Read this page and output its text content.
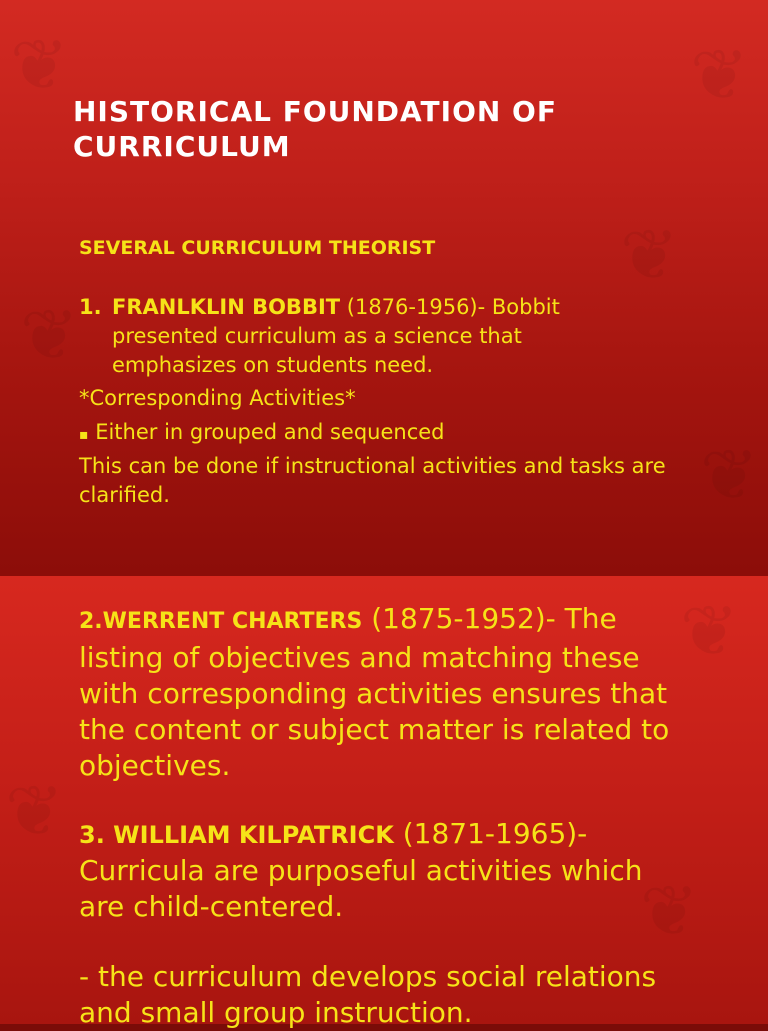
❦	❦
❦
❦
❦
HISTORICAL FOUNDATION OF CURRICULUM
SEVERAL CURRICULUM THEORIST
1. FRANLKLIN BOBBIT (1876-1956)- Bobbit presented curriculum as a science that emphasizes on students need.
*Corresponding Activities*
▪ Either in grouped and sequenced
This can be done if instructional activities and tasks are clarified.
❦
❦
❦
2.WERRENT CHARTERS (1875-1952)- The listing of objectives and matching these with corresponding activities ensures that the content or subject matter is related to objectives.
3. WILLIAM KILPATRICK (1871-1965)- Curricula are purposeful activities which are child-centered.
- the curriculum develops social relations and small group instruction.
